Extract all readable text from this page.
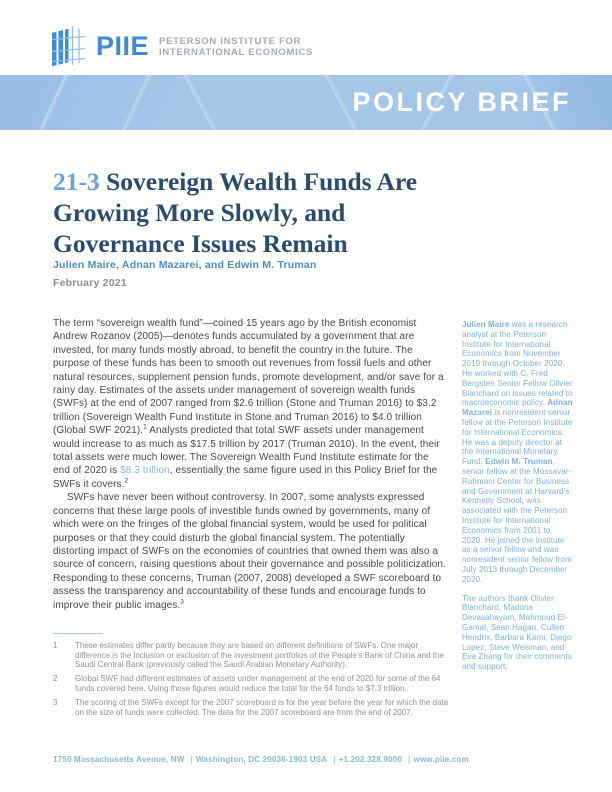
PIIE PETERSON INSTITUTE FOR
INTERNATIONAL ECONOMICS
POLICY BRIEF
21-3 Sovereign Wealth Funds Are Growing More Slowly, and Governance Issues Remain
Julien Maire, Adnan Mazarei, and Edwin M. Truman
February 2021

The term “sovereign wealth fund”—coined 15 years ago by the British economist Andrew Rozanov (2005)—denotes funds accumulated by a government that are invested, for many funds mostly abroad, to benefit the country in the future. The purpose of these funds has been to smooth out revenues from fossil fuels and other natural resources, supplement pension funds, promote development, and/or save for a rainy day. Estimates of the assets under management of sovereign wealth funds (SWFs) at the end of 2007 ranged from $2.6 trillion (Stone and Truman 2016) to $3.2 trillion (Sovereign Wealth Fund Institute in Stone and Truman 2016) to $4.0 trillion (Global SWF 2021).$^1$ Analysts predicted that total SWF assets under management would increase to as much as $17.5 trillion by 2017 (Truman 2010). In the event, their total assets were much lower. The Sovereign Wealth Fund Institute estimate for the end of 2020 is $8.3 trillion, essentially the same figure used in this Policy Brief for the SWFs it covers.$^2$

SWFs have never been without controversy. In 2007, some analysts expressed concerns that these large pools of investible funds owned by governments, many of which were on the fringes of the global financial system, would be used for political purposes or that they could disturb the global financial system. The potentially distorting impact of SWFs on the economies of countries that owned them was also a source of concern, raising questions about their governance and possible politicization. Responding to these concerns, Truman (2007, 2008) developed a SWF scoreboard to assess the transparency and accountability of these funds and encourage funds to improve their public images.$^3$

Julien Maire was a research analyst at the Peterson Institute for International Economics from November 2019 through October 2020. He worked with C. Fred Bergsten Senior Fellow Olivier Blanchard on issues related to macroeconomic policy. Adnan Mazarei is nonresident senior fellow at the Peterson Institute for International Economics. He was a deputy director at the International Monetary Fund. Edwin M. Truman, senior fellow at the Mossavar-Rahmani Center for Business and Government at Harvard’s Kennedy School, was associated with the Peterson Institute for International Economics from 2001 to 2020. He joined the Institute as a senior fellow and was nonresident senior fellow from July 2013 through December 2020.

The authors thank Olivier Blanchard, Madona Devasahayam, Mahmoud El-Gamal, Sean Hagan, Cullen Hendrix, Barbara Karni, Diego Lopez, Steve Weisman, and Eva Zhang for their comments and support.

1	These estimates differ partly because they are based on different definitions of SWFs. One major difference is the inclusion or exclusion of the investment portfolios of the People’s Bank of China and the Saudi Central Bank (previously called the Saudi Arabian Monetary Authority).
2	Global SWF had different estimates of assets under management at the end of 2020 for some of the 64 funds covered here. Using those figures would reduce the total for the 64 funds to $7.3 trillion.
3	The scoring of the SWFs except for the 2007 scoreboard is for the year before the year for which the data on the size of funds were collected. The data for the 2007 scoreboard are from the end of 2007.
1750 Massachusetts Avenue, NW | Washington, DC 20036-1903 USA | +1.202.328.9000 | www.piie.com
